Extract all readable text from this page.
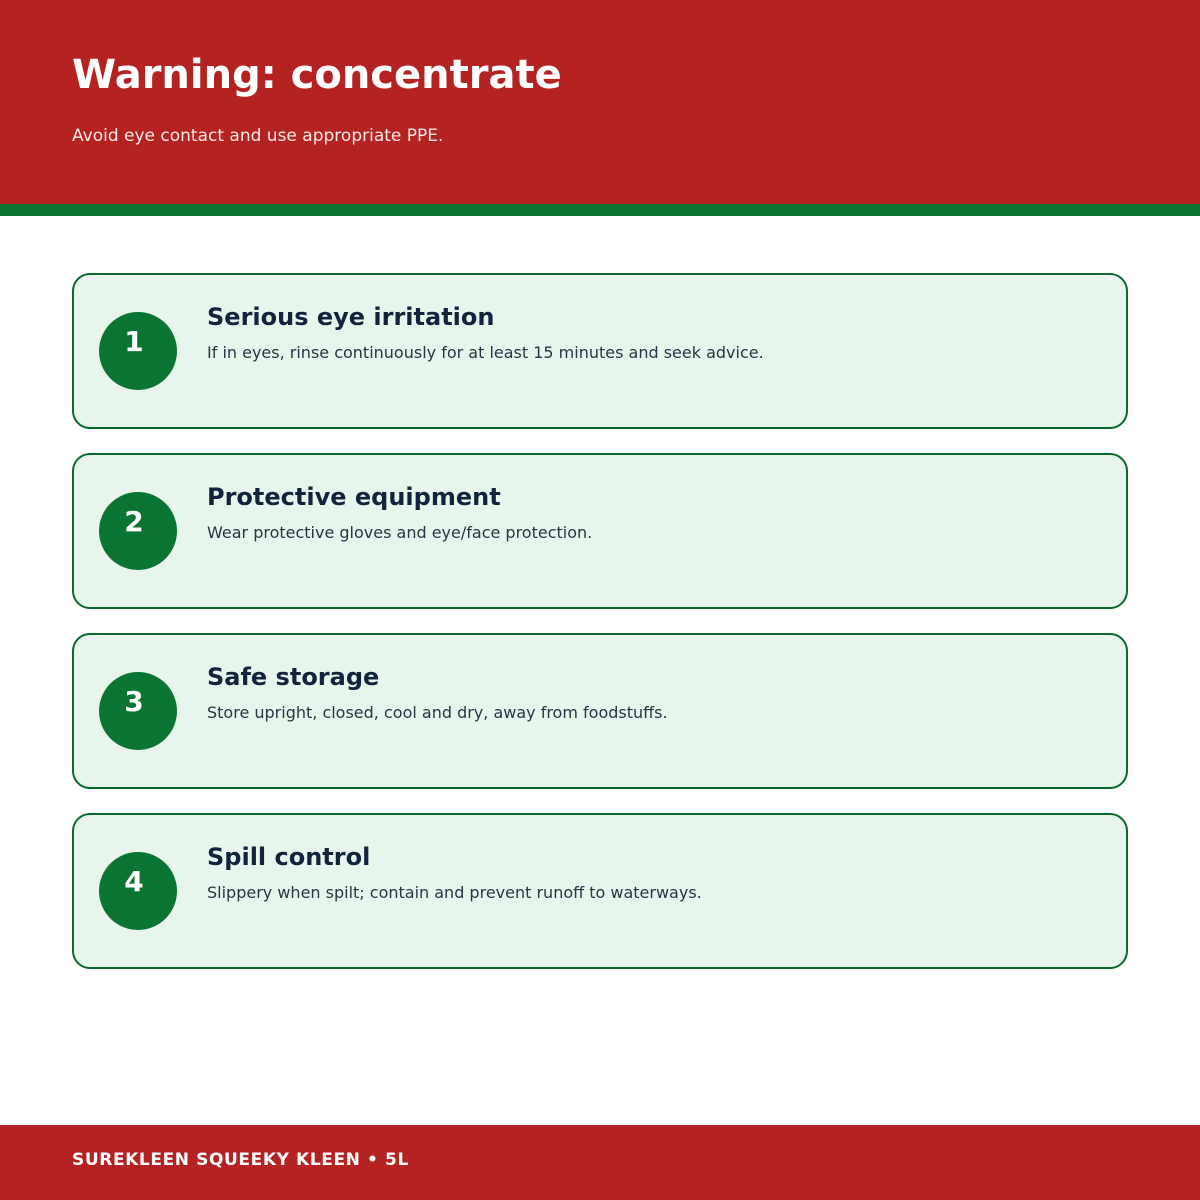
Warning: concentrate

Avoid eye contact and use appropriate PPE.

1
Serious eye irritation
If in eyes, rinse continuously for at least 15 minutes and seek advice.
2
Protective equipment
Wear protective gloves and eye/face protection.
3
Safe storage
Store upright, closed, cool and dry, away from foodstuffs.
4
Spill control
Slippery when spilt; contain and prevent runoff to waterways.
SUREKLEEN SQUEEKY KLEEN • 5L
